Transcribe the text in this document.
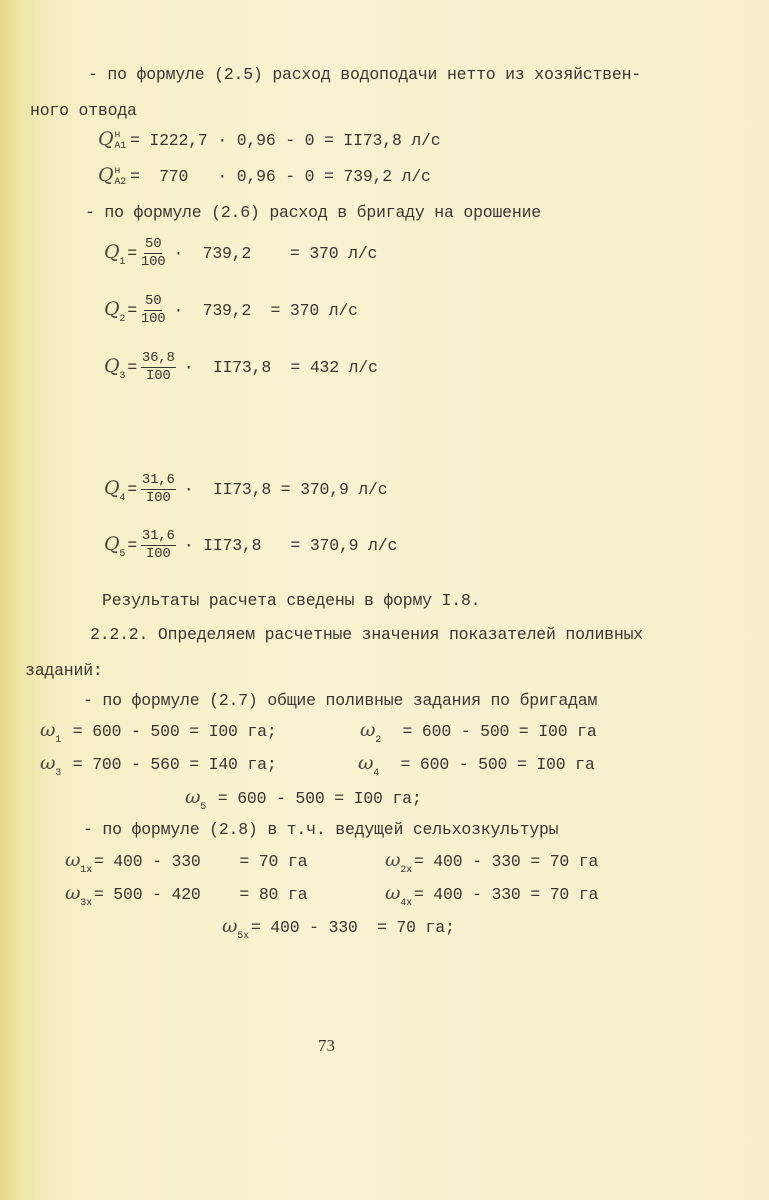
- по формуле (2.5) расход водоподачи нетто из хозяйствен-
ного отвода
Q н
А1 = I222,7 · 0,96 - 0 = II73,8 л/с
Q н
А2 =  770   · 0,96 - 0 = 739,2 л/с
- по формуле (2.6) расход в бригаду на орошение
$Q_1 = \frac{50}{100} \cdot 739,2$    = 370 л/с
$Q_2 = \frac{50}{100} \cdot 739,2 = 370$ л/с
$Q_3 = \frac{36,8}{I00} \cdot II73,8 = 432$ л/с
$Q_4 = \frac{31,6}{I00} \cdot II73,8 = 370,9$ л/с
$Q_5 = \frac{31,6}{I00} \cdot II73,8 = 370,9$ л/с
Результаты расчета сведены в форму I.8.
2.2.2. Определяем расчетные значения показателей поливных
заданий:
- по формуле (2.7) общие поливные задания по бригадам
$\omega_1 = 600 - 500 = I00$ га;	$\omega_2 = 600 - 500 = I00$ га
$\omega_3 = 700 - 560 = I40$ га;	$\omega_4 = 600 - 500 = I00$ га
$\omega_5 = 600 - 500 = I00$ га;
- по формуле (2.8) в т.ч. ведущей сельхозкультуры
$\omega_{1х} = 400 - 330$    = 70 га	$\omega_{2х} = 400 - 330 = 70$ га
$\omega_{3х} = 500 - 420$    = 80 га	$\omega_{4х} = 400 - 330 = 70$ га
$\omega_{5х} = 400 - 330 = 70$ га;
73
